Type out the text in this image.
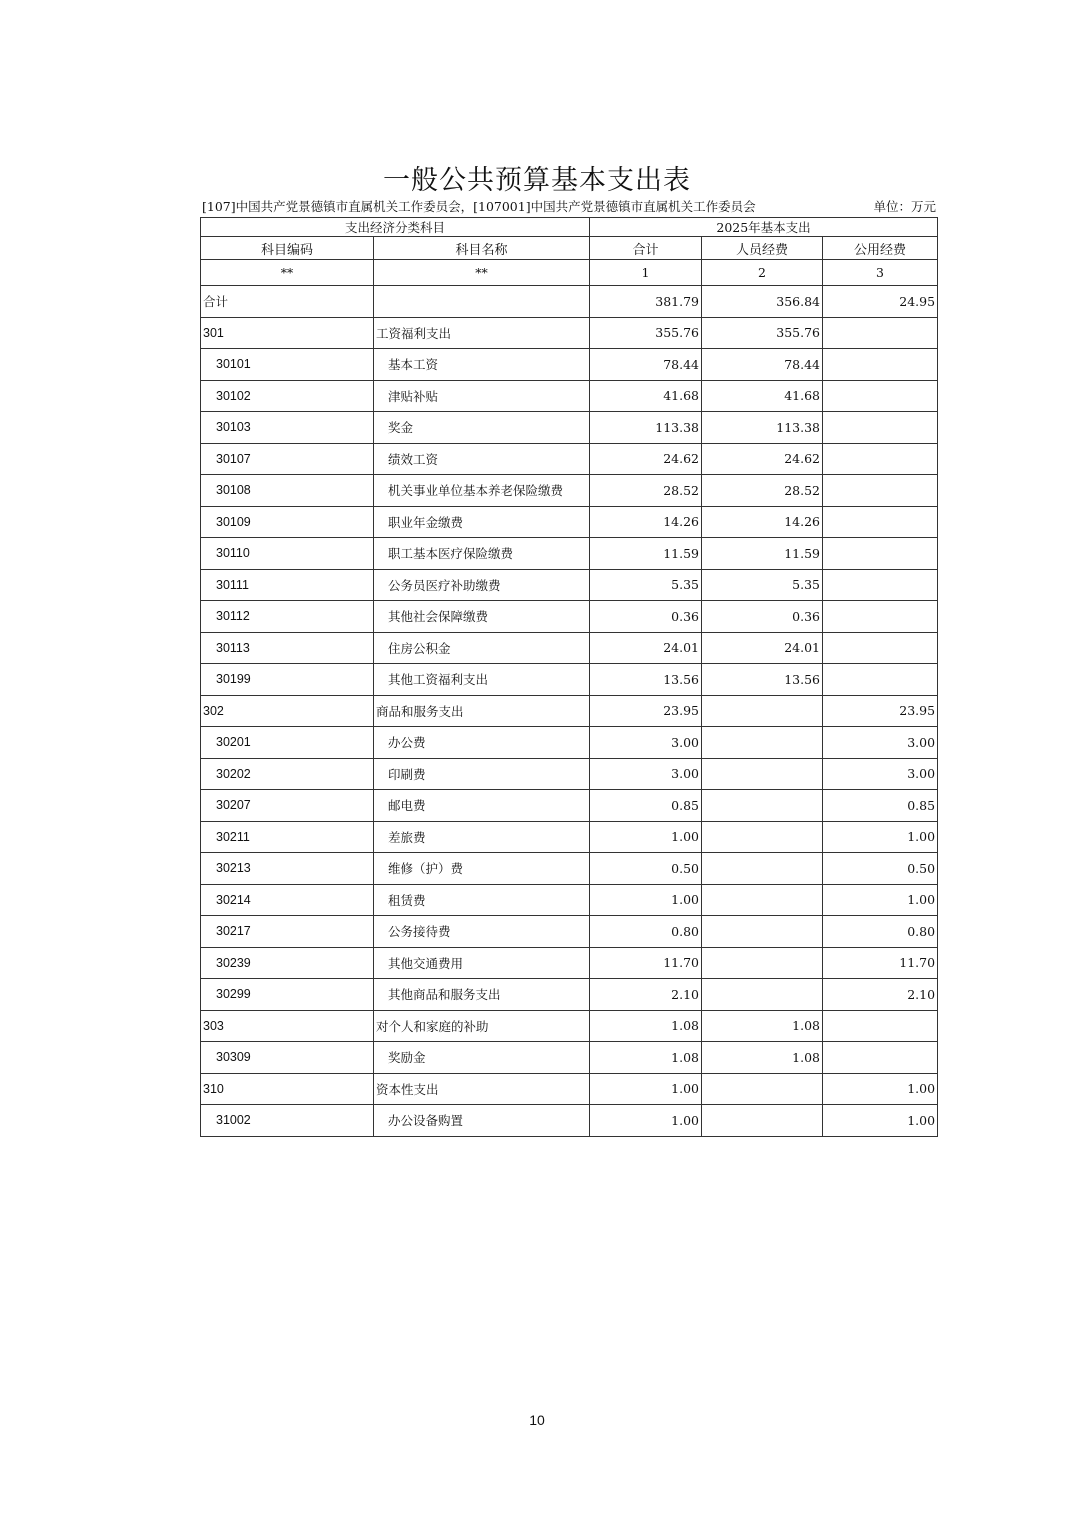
一般公共预算基本支出表
[107]中国共产党景德镇市直属机关工作委员会，[107001]中国共产党景德镇市直属机关工作委员会	单位：万元
支出经济分类科目		2025年基本支出		
科目编码	科目名称	合计	人员经费	公用经费
**	**	1	2	3
合计		381.79	356.84	24.95
301	工资福利支出	355.76	355.76	
30101	基本工资	78.44	78.44	
30102	津贴补贴	41.68	41.68	
30103	奖金	113.38	113.38	
30107	绩效工资	24.62	24.62	
30108	机关事业单位基本养老保险缴费	28.52	28.52	
30109	职业年金缴费	14.26	14.26	
30110	职工基本医疗保险缴费	11.59	11.59	
30111	公务员医疗补助缴费	5.35	5.35	
30112	其他社会保障缴费	0.36	0.36	
30113	住房公积金	24.01	24.01	
30199	其他工资福利支出	13.56	13.56	
302	商品和服务支出	23.95		23.95
30201	办公费	3.00		3.00
30202	印刷费	3.00		3.00
30207	邮电费	0.85		0.85
30211	差旅费	1.00		1.00
30213	维修（护）费	0.50		0.50
30214	租赁费	1.00		1.00
30217	公务接待费	0.80		0.80
30239	其他交通费用	11.70		11.70
30299	其他商品和服务支出	2.10		2.10
303	对个人和家庭的补助	1.08	1.08	
30309	奖励金	1.08	1.08	
310	资本性支出	1.00		1.00
31002	办公设备购置	1.00		1.00
10
